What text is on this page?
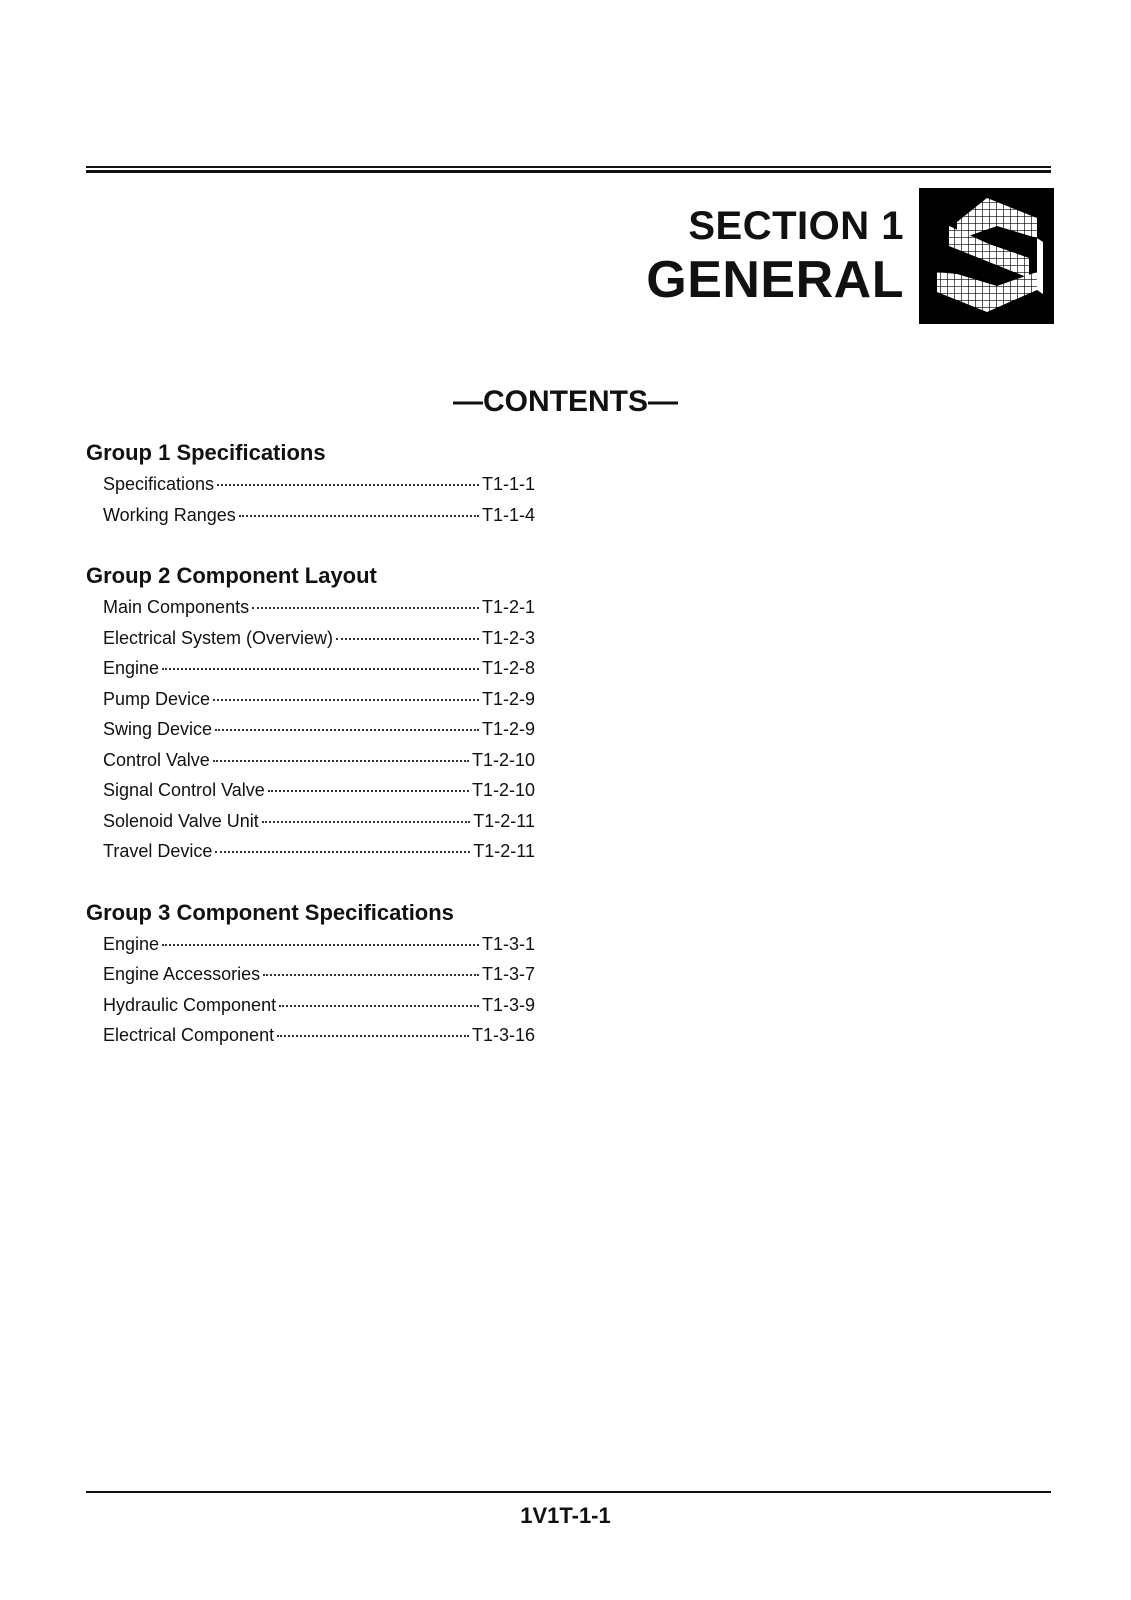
SECTION 1
GENERAL
—CONTENTS—
Group 1 Specifications
Specifications	T1-1-1
Working Ranges	T1-1-4
Group 2 Component Layout
Main Components	T1-2-1
Electrical System (Overview)	T1-2-3
Engine	T1-2-8
Pump Device	T1-2-9
Swing Device	T1-2-9
Control Valve	T1-2-10
Signal Control Valve	T1-2-10
Solenoid Valve Unit	T1-2-11
Travel Device	T1-2-11
Group 3 Component Specifications
Engine	T1-3-1
Engine Accessories	T1-3-7
Hydraulic Component	T1-3-9
Electrical Component	T1-3-16
1V1T-1-1
